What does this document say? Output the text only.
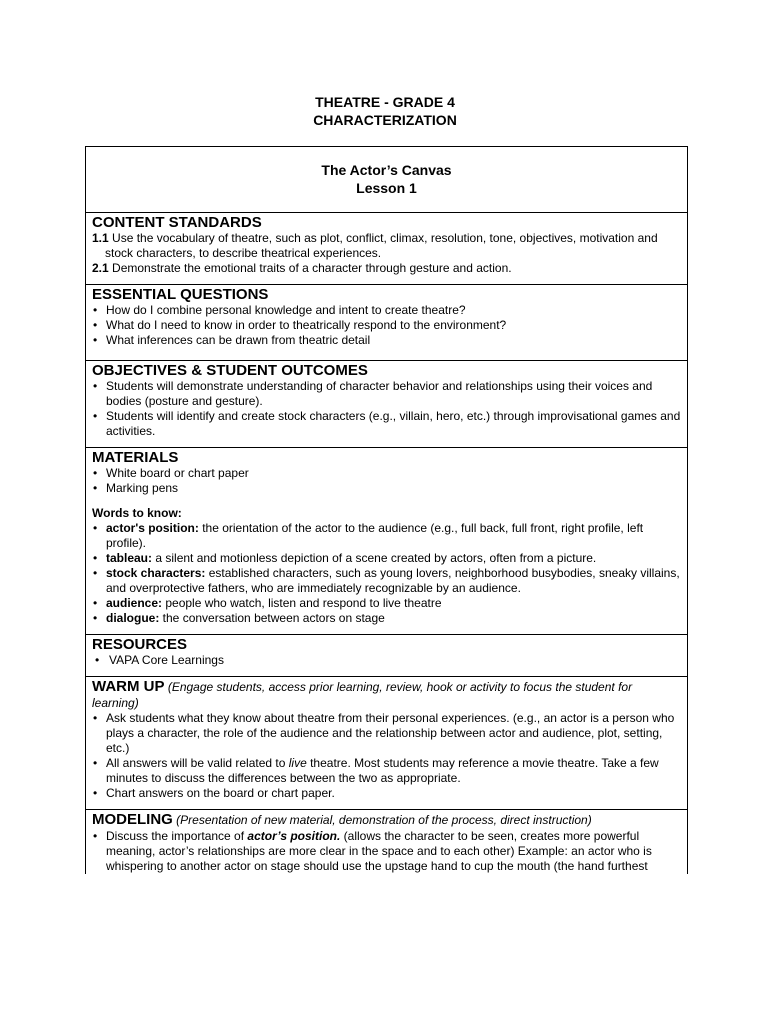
THEATRE - GRADE 4
CHARACTERIZATION
The Actor’s Canvas
Lesson 1
CONTENT STANDARDS
1.1 Use the vocabulary of theatre, such as plot, conflict, climax, resolution, tone, objectives, motivation and stock characters, to describe theatrical experiences.
2.1 Demonstrate the emotional traits of a character through gesture and action.
ESSENTIAL QUESTIONS
• How do I combine personal knowledge and intent to create theatre?
• What do I need to know in order to theatrically respond to the environment?
• What inferences can be drawn from theatric detail
OBJECTIVES & STUDENT OUTCOMES
• Students will demonstrate understanding of character behavior and relationships using their voices and bodies (posture and gesture).
• Students will identify and create stock characters (e.g., villain, hero, etc.) through improvisational games and activities.
MATERIALS
• White board or chart paper
• Marking pens
Words to know:
• actor's position: the orientation of the actor to the audience (e.g., full back, full front, right profile, left profile).
• tableau: a silent and motionless depiction of a scene created by actors, often from a picture.
• stock characters: established characters, such as young lovers, neighborhood busybodies, sneaky villains, and overprotective fathers, who are immediately recognizable by an audience.
• audience: people who watch, listen and respond to live theatre
• dialogue: the conversation between actors on stage
RESOURCES
• VAPA Core Learnings
WARM UP (Engage students, access prior learning, review, hook or activity to focus the student for
learning)
• Ask students what they know about theatre from their personal experiences. (e.g., an actor is a person who plays a character, the role of the audience and the relationship between actor and audience, plot, setting, etc.)
• All answers will be valid related to live theatre. Most students may reference a movie theatre. Take a few minutes to discuss the differences between the two as appropriate.
• Chart answers on the board or chart paper.
MODELING (Presentation of new material, demonstration of the process, direct instruction)
• Discuss the importance of actor’s position. (allows the character to be seen, creates more powerful meaning, actor’s relationships are more clear in the space and to each other) Example: an actor who is whispering to another actor on stage should use the upstage hand to cup the mouth (the hand furthest
